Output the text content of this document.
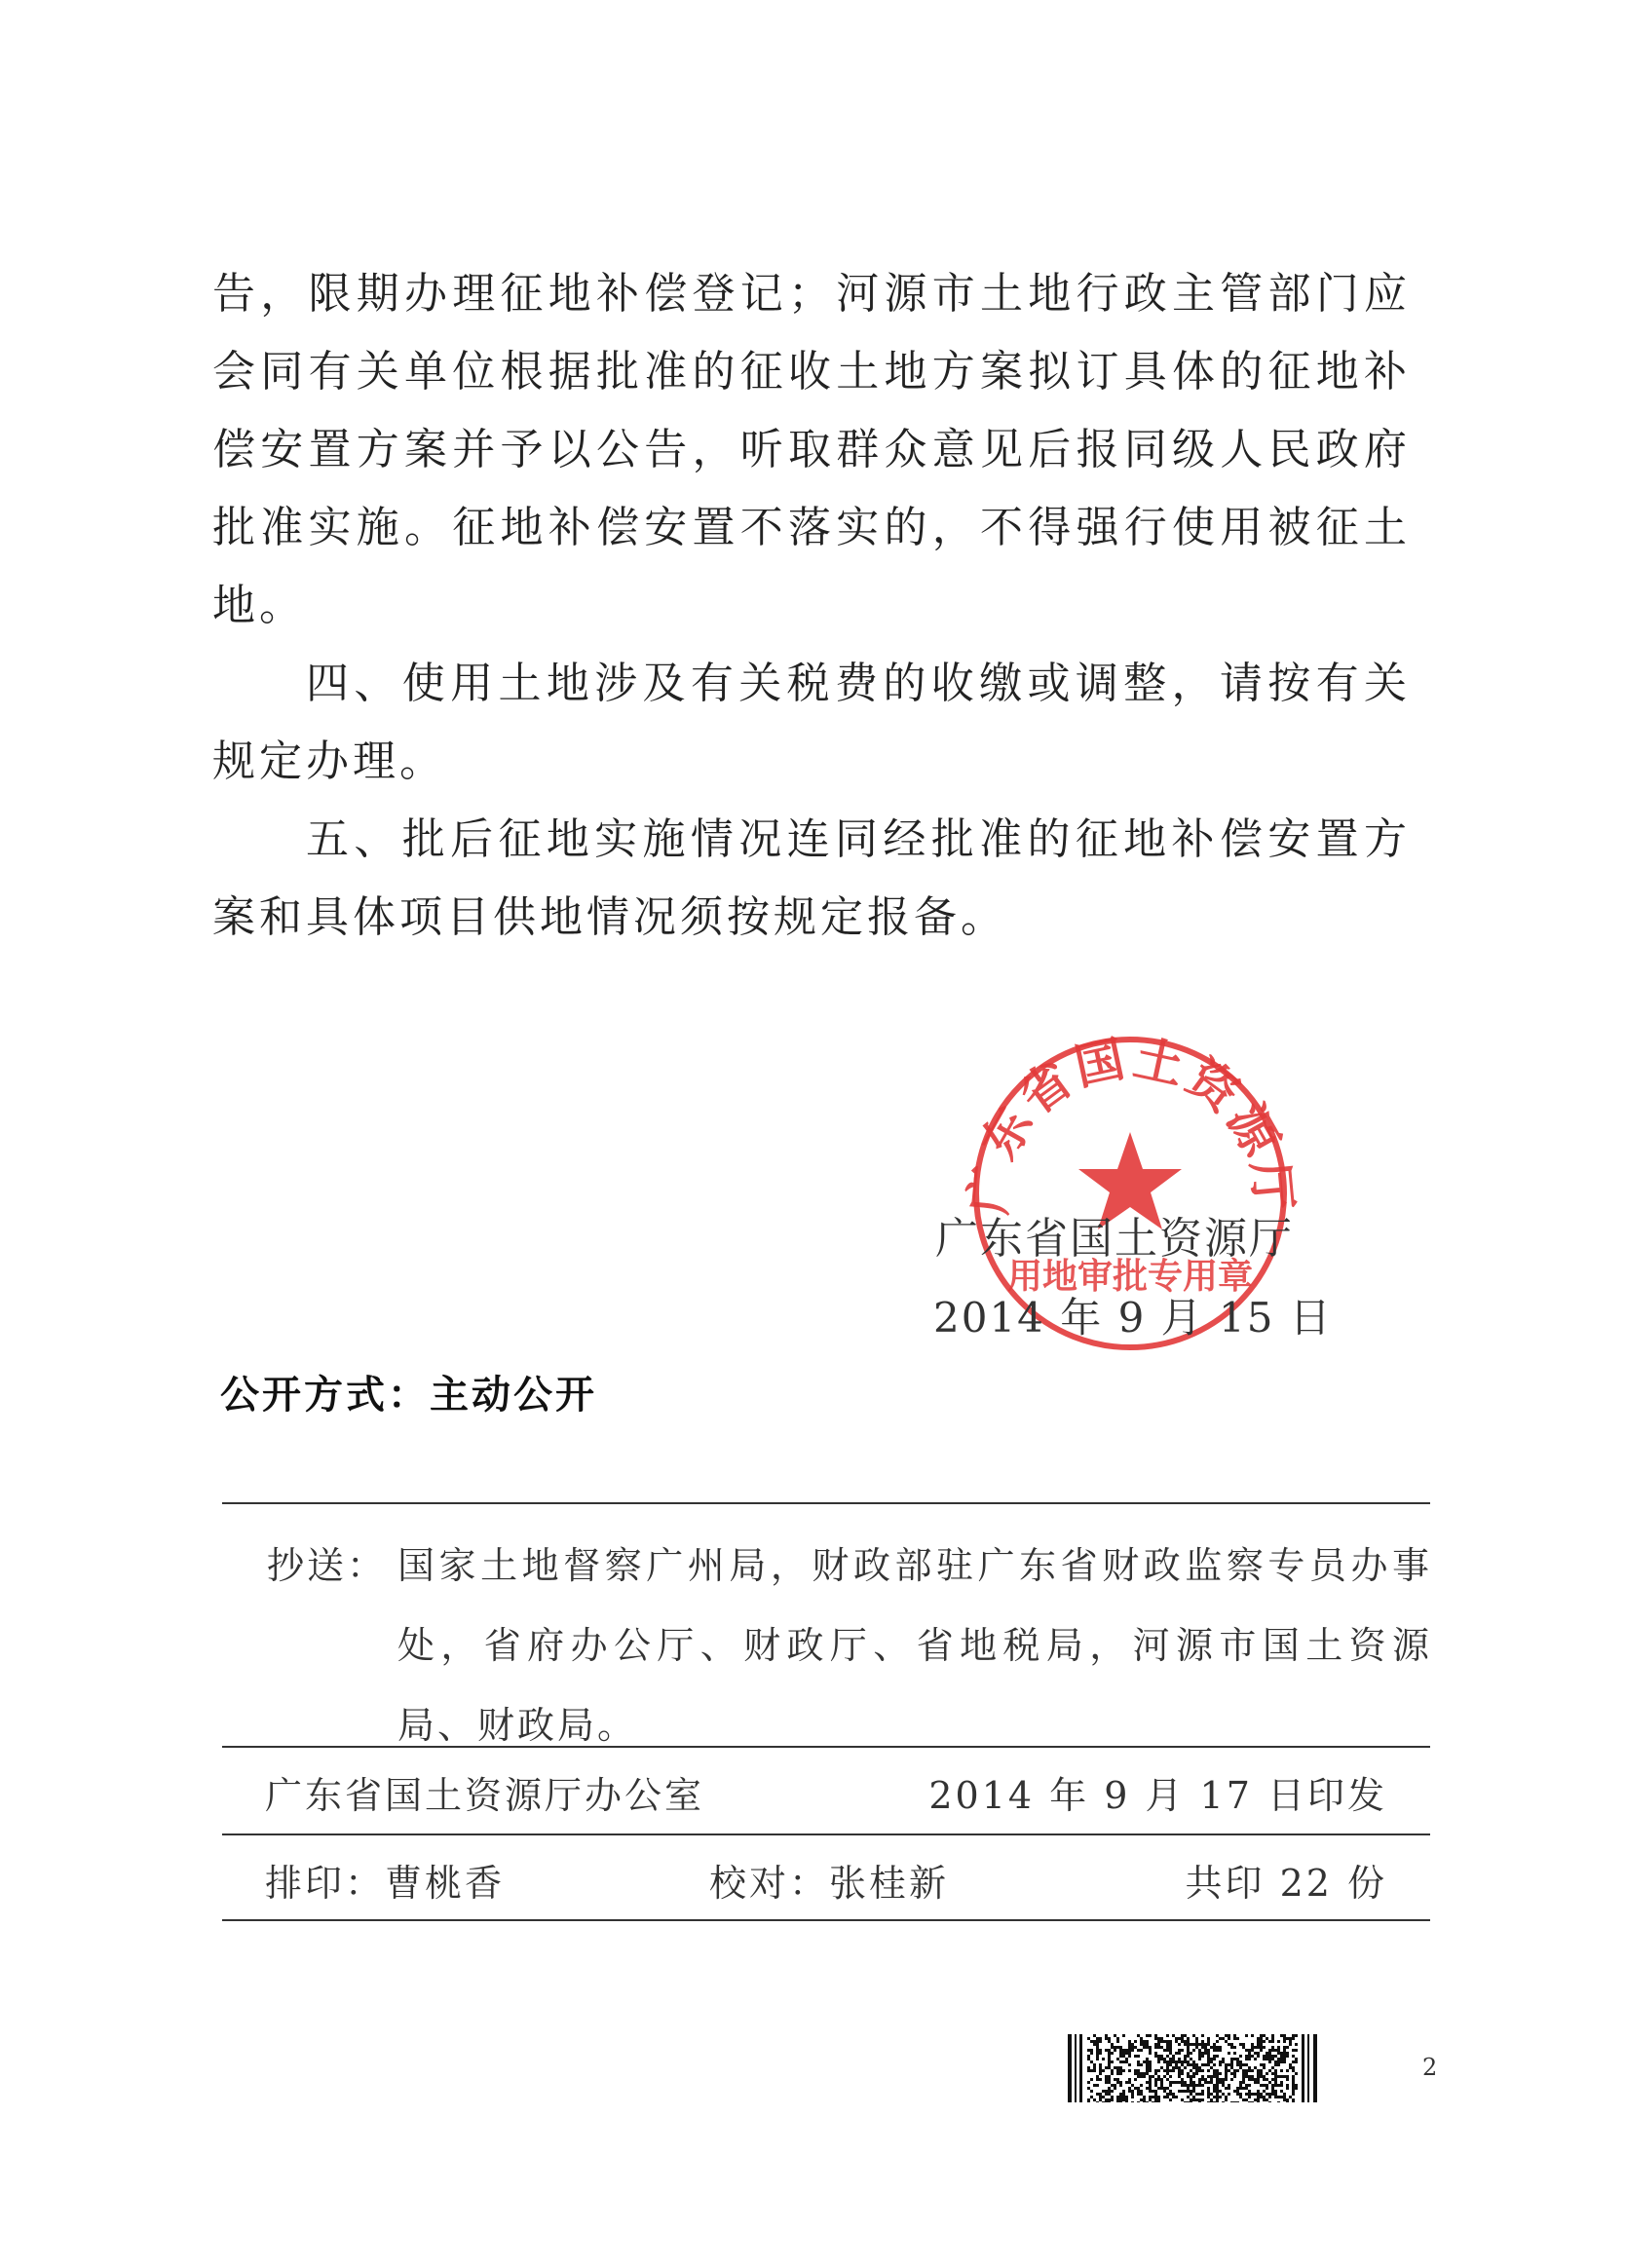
告，限期办理征地补偿登记；河源市土地行政主管部门应会同有关单位根据批准的征收土地方案拟订具体的征地补偿安置方案并予以公告，听取群众意见后报同级人民政府批准实施。征地补偿安置不落实的，不得强行使用被征土地。

四、使用土地涉及有关税费的收缴或调整，请按有关规定办理。

五、批后征地实施情况连同经批准的征地补偿安置方案和具体项目供地情况须按规定报备。

广东省国土资源厅
用地审批专用章
广东省国土资源厅
2014 年 9 月 15 日
公开方式：主动公开
抄送： 国家土地督察广州局，财政部驻广东省财政监察专员办事处，省府办公厅、财政厅、省地税局，河源市国土资源局、财政局。
广东省国土资源厅办公室	2014 年 9 月 17 日印发
排印：曹桃香	校对：张桂新	共印 22 份
2
